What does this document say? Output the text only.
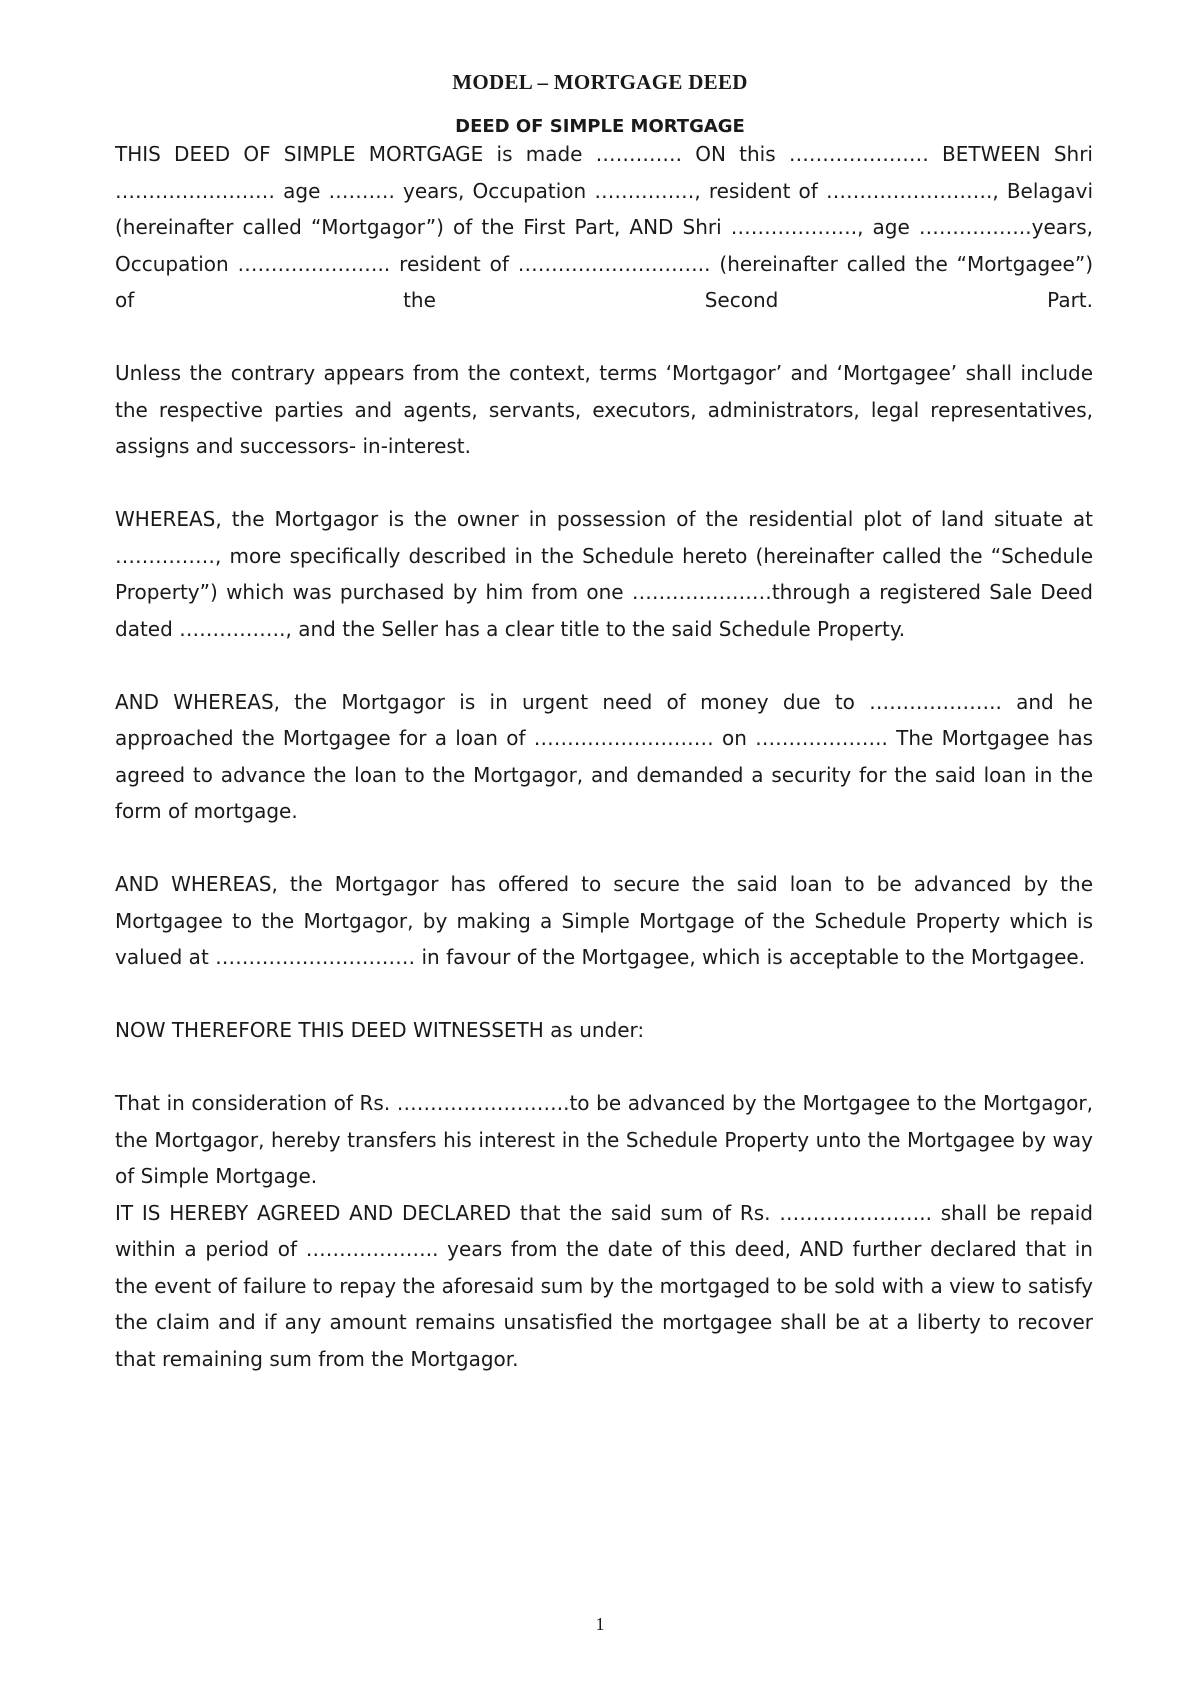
MODEL – MORTGAGE DEED
DEED OF SIMPLE MORTGAGE

THIS DEED OF SIMPLE MORTGAGE is made …………. ON this ………………… BETWEEN Shri …………………… age ………. years, Occupation ……………, resident of ……………………., Belagavi (hereinafter called “Mortgagor”) of the First Part, AND Shri ………………., age ……………..years, Occupation ………………….. resident of ……………………….. (hereinafter called the “Mortgagee”) of the Second Part.

Unless the contrary appears from the context, terms ‘Mortgagor’ and ‘Mortgagee’ shall include the respective parties and agents, servants, executors, administrators, legal representatives, assigns and successors- in-interest.

WHEREAS, the Mortgagor is the owner in possession of the residential plot of land situate at ……………, more specifically described in the Schedule hereto (hereinafter called the “Schedule Property”) which was purchased by him from one …………………through a registered Sale Deed dated ……………., and the Seller has a clear title to the said Schedule Property.

AND WHEREAS, the Mortgagor is in urgent need of money due to ……………….. and he approached the Mortgagee for a loan of ……………………… on ……………….. The Mortgagee has agreed to advance the loan to the Mortgagor, and demanded a security for the said loan in the form of mortgage.

AND WHEREAS, the Mortgagor has offered to secure the said loan to be advanced by the Mortgagee to the Mortgagor, by making a Simple Mortgage of the Schedule Property which is valued at ………………………… in favour of the Mortgagee, which is acceptable to the Mortgagee.

NOW THEREFORE THIS DEED WITNESSETH as under:

That in consideration of Rs. ……………………..to be advanced by the Mortgagee to the Mortgagor, the Mortgagor, hereby transfers his interest in the Schedule Property unto the Mortgagee by way of Simple Mortgage.

IT IS HEREBY AGREED AND DECLARED that the said sum of Rs. ………………….. shall be repaid within a period of ……………….. years from the date of this deed, AND further declared that in the event of failure to repay the aforesaid sum by the mortgaged to be sold with a view to satisfy the claim and if any amount remains unsatisfied the mortgagee shall be at a liberty to recover that remaining sum from the Mortgagor.

1
